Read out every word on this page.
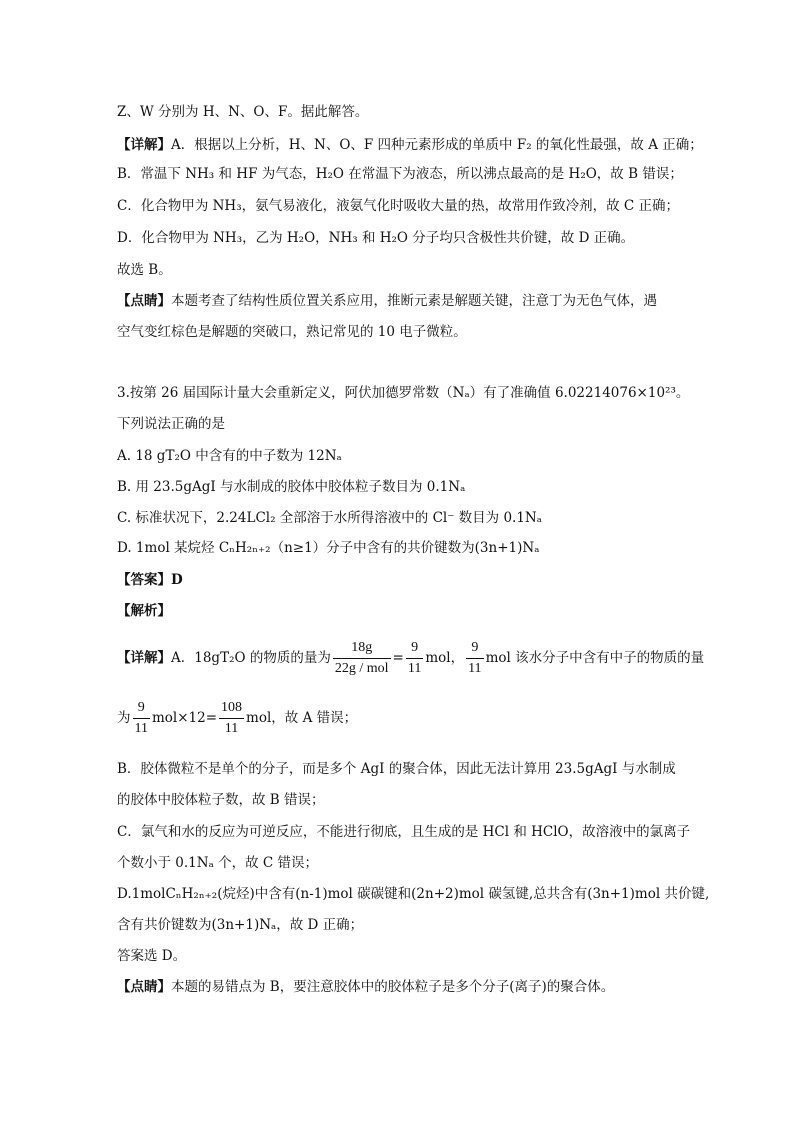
Z、W 分别为 H、N、O、F。据此解答。
【详解】A．根据以上分析，H、N、O、F 四种元素形成的单质中 F₂ 的氧化性最强，故 A 正确；
B．常温下 NH₃ 和 HF 为气态，H₂O 在常温下为液态，所以沸点最高的是 H₂O，故 B 错误；
C．化合物甲为 NH₃，氨气易液化，液氨气化时吸收大量的热，故常用作致冷剂，故 C 正确；
D．化合物甲为 NH₃，乙为 H₂O，NH₃ 和 H₂O 分子均只含极性共价键，故 D 正确。
故选 B。
【点睛】本题考查了结构性质位置关系应用，推断元素是解题关键，注意丁为无色气体，遇
空气变红棕色是解题的突破口，熟记常见的 10 电子微粒。
3.按第 26 届国际计量大会重新定义，阿伏加德罗常数（Nₐ）有了准确值 6.02214076×10²³。
下列说法正确的是
A. 18 gT₂O 中含有的中子数为 12Nₐ
B. 用 23.5gAgI 与水制成的胶体中胶体粒子数目为 0.1Nₐ
C. 标准状况下，2.24LCl₂ 全部溶于水所得溶液中的 Cl⁻ 数目为 0.1Nₐ
D. 1mol 某烷烃 CₙH₂ₙ₊₂（n≥1）分子中含有的共价键数为(3n+1)Nₐ
【答案】D
【解析】
【详解】A．18gT₂O 的物质的量为 $\frac{18g}{\text{22g / mol}} = \frac{9}{11}$ mol， $\frac{9}{11}$ mol 该水分子中含有中子的物质的量
为 $\frac{9}{11} mol\times 12= \frac{108}{11}$ mol，故 A 错误；
B．胶体微粒不是单个的分子，而是多个 AgI 的聚合体，因此无法计算用 23.5gAgI 与水制成
的胶体中胶体粒子数，故 B 错误；
C．氯气和水的反应为可逆反应，不能进行彻底，且生成的是 HCl 和 HClO，故溶液中的氯离子
个数小于 0.1Nₐ 个，故 C 错误；
D.1molCₙH₂ₙ₊₂(烷烃)中含有(n-1)mol 碳碳键和(2n+2)mol 碳氢键,总共含有(3n+1)mol 共价键,
含有共价键数为(3n+1)Nₐ，故 D 正确；
答案选 D。
【点睛】本题的易错点为 B，要注意胶体中的胶体粒子是多个分子(离子)的聚合体。
